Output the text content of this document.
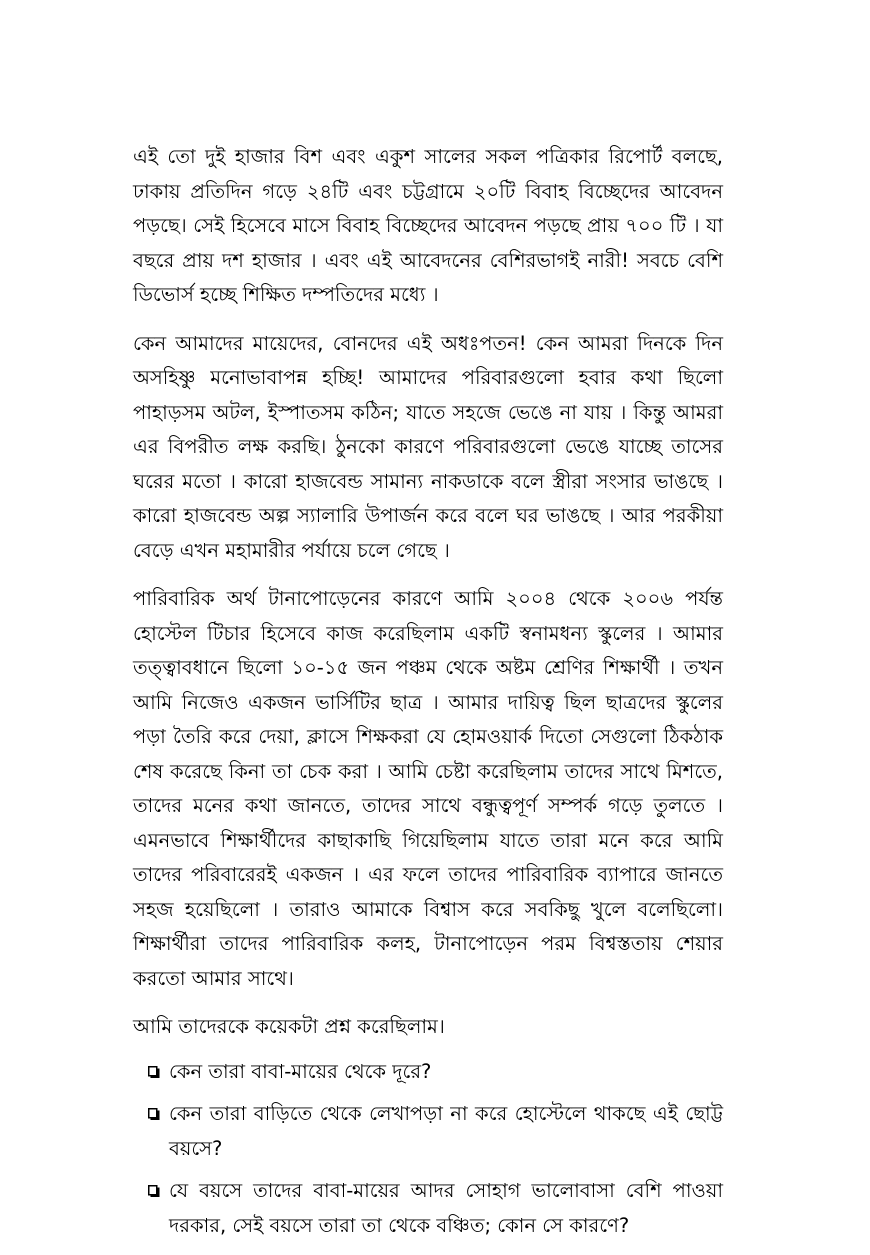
এই তো দুই হাজার বিশ এবং একুশ সালের সকল পত্রিকার রিপোর্ট বলছে, ঢাকায় প্রতিদিন গড়ে ২৪টি এবং চট্টগ্রামে ২০টি বিবাহ বিচ্ছেদের আবেদন পড়ছে। সেই হিসেবে মাসে বিবাহ বিচ্ছেদের আবেদন পড়ছে প্রায় ৭০০ টি । যা বছরে প্রায় দশ হাজার । এবং এই আবেদনের বেশিরভাগই নারী! সবচে বেশি ডিভোর্স হচ্ছে শিক্ষিত দম্পতিদের মধ্যে ।

কেন আমাদের মায়েদের, বোনদের এই অধঃপতন! কেন আমরা দিনকে দিন অসহিষ্ণু মনোভাবাপন্ন হচ্ছি! আমাদের পরিবারগুলো হবার কথা ছিলো পাহাড়সম অটল, ইস্পাতসম কঠিন; যাতে সহজে ভেঙে না যায় । কিন্তু আমরা এর বিপরীত লক্ষ করছি। ঠুনকো কারণে পরিবারগুলো ভেঙে যাচ্ছে তাসের ঘরের মতো । কারো হাজবেন্ড সামান্য নাকডাকে বলে স্ত্রীরা সংসার ভাঙছে । কারো হাজবেন্ড অল্প স্যালারি উপার্জন করে বলে ঘর ভাঙছে । আর পরকীয়া বেড়ে এখন মহামারীর পর্যায়ে চলে গেছে ।

পারিবারিক অর্থ টানাপোড়েনের কারণে আমি ২০০৪ থেকে ২০০৬ পর্যন্ত হোস্টেল টিচার হিসেবে কাজ করেছিলাম একটি স্বনামধন্য স্কুলের । আমার তত্ত্বাবধানে ছিলো ১০-১৫ জন পঞ্চম থেকে অষ্টম শ্রেণির শিক্ষার্থী । তখন আমি নিজেও একজন ভার্সিটির ছাত্র । আমার দায়িত্ব ছিল ছাত্রদের স্কুলের পড়া তৈরি করে দেয়া, ক্লাসে শিক্ষকরা যে হোমওয়ার্ক দিতো সেগুলো ঠিকঠাক শেষ করেছে কিনা তা চেক করা । আমি চেষ্টা করেছিলাম তাদের সাথে মিশতে, তাদের মনের কথা জানতে, তাদের সাথে বন্ধুত্বপূর্ণ সম্পর্ক গড়ে তুলতে । এমনভাবে শিক্ষার্থীদের কাছাকাছি গিয়েছিলাম যাতে তারা মনে করে আমি তাদের পরিবারেরই একজন । এর ফলে তাদের পারিবারিক ব্যাপারে জানতে সহজ হয়েছিলো । তারাও আমাকে বিশ্বাস করে সবকিছু খুলে বলেছিলো। শিক্ষার্থীরা তাদের পারিবারিক কলহ, টানাপোড়েন পরম বিশ্বস্ততায় শেয়ার করতো আমার সাথে।

আমি তাদেরকে কয়েকটা প্রশ্ন করেছিলাম।

কেন তারা বাবা-মায়ের থেকে দূরে?
কেন তারা বাড়িতে থেকে লেখাপড়া না করে হোস্টেলে থাকছে এই ছোট্ট বয়সে?
যে বয়সে তাদের বাবা-মায়ের আদর সোহাগ ভালোবাসা বেশি পাওয়া দরকার, সেই বয়সে তারা তা থেকে বঞ্চিত; কোন সে কারণে?
